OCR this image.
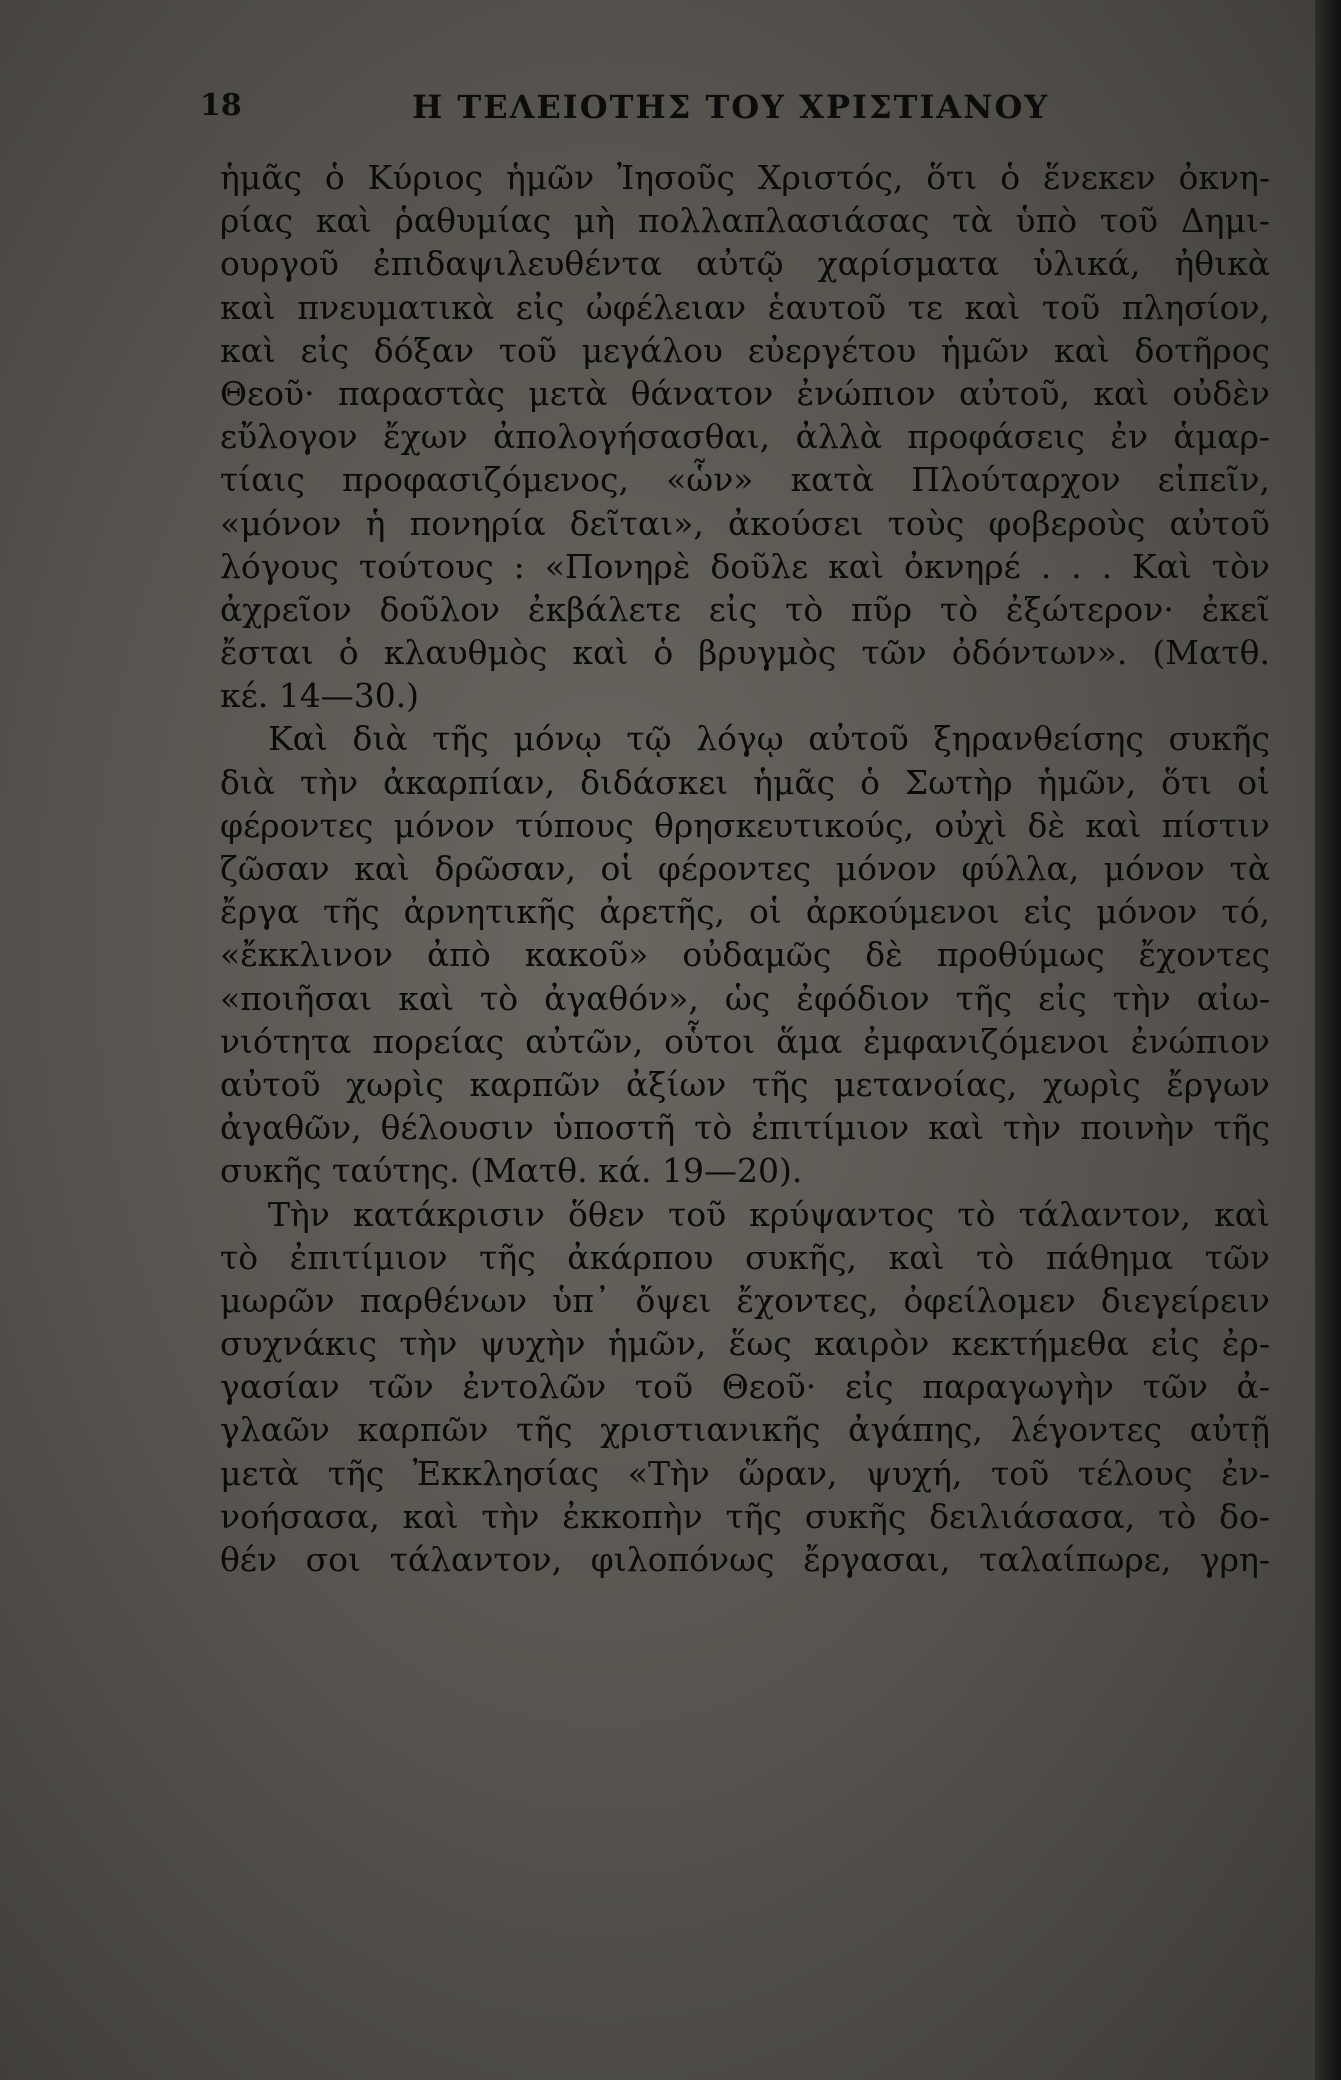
18	Η ΤΕΛΕΙΟΤΗΣ ΤΟΥ ΧΡΙΣΤΙΑΝΟΥ
ἡμᾶς ὁ Κύριος ἡμῶν Ἰησοῦς Χριστός, ὅτι ὁ ἕνεκεν ὀκνη-
ρίας καὶ ῥαθυμίας μὴ πολλαπλασιάσας τὰ ὑπὸ τοῦ Δημι-
ουργοῦ ἐπιδαψιλευθέντα αὐτῷ χαρίσματα ὑλικά, ἠθικὰ
καὶ πνευματικὰ εἰς ὠφέλειαν ἑαυτοῦ τε καὶ τοῦ πλησίον,
καὶ εἰς δόξαν τοῦ μεγάλου εὐεργέτου ἡμῶν καὶ δοτῆρος
Θεοῦ· παραστὰς μετὰ θάνατον ἐνώπιον αὐτοῦ, καὶ οὐδὲν
εὔλογον ἔχων ἀπολογήσασθαι, ἀλλὰ προφάσεις ἐν ἁμαρ-
τίαις προφασιζόμενος, «ὧν» κατὰ Πλούταρχον εἰπεῖν,
«μόνον ἡ πονηρία δεῖται», ἀκούσει τοὺς φοβεροὺς αὐτοῦ
λόγους τούτους : «Πονηρὲ δοῦλε καὶ ὀκνηρέ . . . Καὶ τὸν
ἀχρεῖον δοῦλον ἐκβάλετε εἰς τὸ πῦρ τὸ ἐξώτερον· ἐκεῖ
ἔσται ὁ κλαυθμὸς καὶ ὁ βρυγμὸς τῶν ὀδόντων». (Ματθ.
κέ. 14—30.)
Καὶ διὰ τῆς μόνῳ τῷ λόγῳ αὐτοῦ ξηρανθείσης συκῆς
διὰ τὴν ἀκαρπίαν, διδάσκει ἡμᾶς ὁ Σωτὴρ ἡμῶν, ὅτι οἱ
φέροντες μόνον τύπους θρησκευτικούς, οὐχὶ δὲ καὶ πίστιν
ζῶσαν καὶ δρῶσαν, οἱ φέροντες μόνον φύλλα, μόνον τὰ
ἔργα τῆς ἀρνητικῆς ἀρετῆς, οἱ ἀρκούμενοι εἰς μόνον τό,
«ἔκκλινον ἀπὸ κακοῦ» οὐδαμῶς δὲ προθύμως ἔχοντες
«ποιῆσαι καὶ τὸ ἀγαθόν», ὡς ἐφόδιον τῆς εἰς τὴν αἰω-
νιότητα πορείας αὐτῶν, οὗτοι ἅμα ἐμφανιζόμενοι ἐνώπιον
αὐτοῦ χωρὶς καρπῶν ἀξίων τῆς μετανοίας, χωρὶς ἔργων
ἀγαθῶν, θέλουσιν ὑποστῆ τὸ ἐπιτίμιον καὶ τὴν ποινὴν τῆς
συκῆς ταύτης. (Ματθ. κά. 19—20).
Τὴν κατάκρισιν ὅθεν τοῦ κρύψαντος τὸ τάλαντον, καὶ
τὸ ἐπιτίμιον τῆς ἀκάρπου συκῆς, καὶ τὸ πάθημα τῶν
μωρῶν παρθένων ὑπ᾽ ὄψει ἔχοντες, ὀφείλομεν διεγείρειν
συχνάκις τὴν ψυχὴν ἡμῶν, ἕως καιρὸν κεκτήμεθα εἰς ἐρ-
γασίαν τῶν ἐντολῶν τοῦ Θεοῦ· εἰς παραγωγὴν τῶν ἀ-
γλαῶν καρπῶν τῆς χριστιανικῆς ἀγάπης, λέγοντες αὐτῇ
μετὰ τῆς Ἐκκλησίας «Τὴν ὥραν, ψυχή, τοῦ τέλους ἐν-
νοήσασα, καὶ τὴν ἐκκοπὴν τῆς συκῆς δειλιάσασα, τὸ δο-
θέν σοι τάλαντον, φιλοπόνως ἔργασαι, ταλαίπωρε, γρη-
